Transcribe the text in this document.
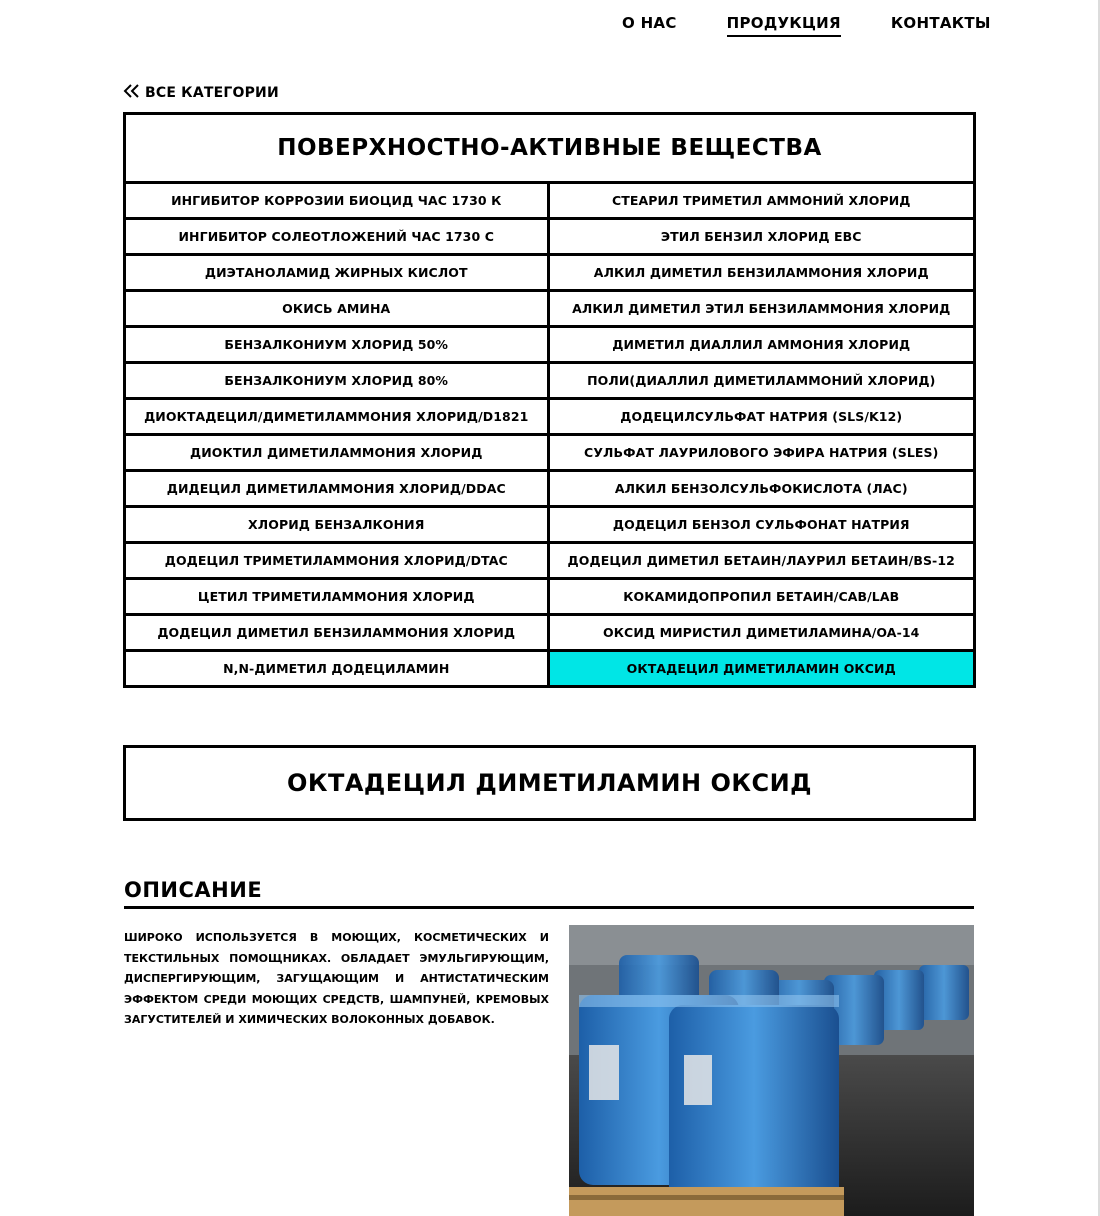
О НАС	ПРОДУКЦИЯ	КОНТАКТЫ
ВСЕ КАТЕГОРИИ
ПОВЕРХНОСТНО-АКТИВНЫЕ ВЕЩЕСТВА
ИНГИБИТОР КОРРОЗИИ БИОЦИД ЧАС 1730 К	СТЕАРИЛ ТРИМЕТИЛ АММОНИЙ ХЛОРИД
ИНГИБИТОР СОЛЕОТЛОЖЕНИЙ ЧАС 1730 С	ЭТИЛ БЕНЗИЛ ХЛОРИД EBC
ДИЭТАНОЛАМИД ЖИРНЫХ КИСЛОТ	АЛКИЛ ДИМЕТИЛ БЕНЗИЛАММОНИЯ ХЛОРИД
ОКИСЬ АМИНА	АЛКИЛ ДИМЕТИЛ ЭТИЛ БЕНЗИЛАММОНИЯ ХЛОРИД
БЕНЗАЛКОНИУМ ХЛОРИД 50%	ДИМЕТИЛ ДИАЛЛИЛ АММОНИЯ ХЛОРИД
БЕНЗАЛКОНИУМ ХЛОРИД 80%	ПОЛИ(ДИАЛЛИЛ ДИМЕТИЛАММОНИЙ ХЛОРИД)
ДИОКТАДЕЦИЛ/ДИМЕТИЛАММОНИЯ ХЛОРИД/D1821	ДОДЕЦИЛСУЛЬФАТ НАТРИЯ (SLS/K12)
ДИОКТИЛ ДИМЕТИЛАММОНИЯ ХЛОРИД	СУЛЬФАТ ЛАУРИЛОВОГО ЭФИРА НАТРИЯ (SLES)
ДИДЕЦИЛ ДИМЕТИЛАММОНИЯ ХЛОРИД/DDAC	АЛКИЛ БЕНЗОЛСУЛЬФОКИСЛОТА (ЛАС)
ХЛОРИД БЕНЗАЛКОНИЯ	ДОДЕЦИЛ БЕНЗОЛ СУЛЬФОНАТ НАТРИЯ
ДОДЕЦИЛ ТРИМЕТИЛАММОНИЯ ХЛОРИД/DTAC	ДОДЕЦИЛ ДИМЕТИЛ БЕТАИН/ЛАУРИЛ БЕТАИН/BS-12
ЦЕТИЛ ТРИМЕТИЛАММОНИЯ ХЛОРИД	КОКАМИДОПРОПИЛ БЕТАИН/CAB/LAB
ДОДЕЦИЛ ДИМЕТИЛ БЕНЗИЛАММОНИЯ ХЛОРИД	ОКСИД МИРИСТИЛ ДИМЕТИЛАМИНА/OA-14
N,N-ДИМЕТИЛ ДОДЕЦИЛАМИН	ОКТАДЕЦИЛ ДИМЕТИЛАМИН ОКСИД
ОКТАДЕЦИЛ ДИМЕТИЛАМИН ОКСИД
ОПИСАНИЕ
ШИРОКО ИСПОЛЬЗУЕТСЯ В МОЮЩИХ, КОСМЕТИЧЕСКИХ И ТЕКСТИЛЬНЫХ ПОМОЩНИКАХ. ОБЛАДАЕТ ЭМУЛЬГИРУЮЩИМ, ДИСПЕРГИРУЮЩИМ, ЗАГУЩАЮЩИМ И АНТИСТАТИЧЕСКИМ ЭФФЕКТОМ СРЕДИ МОЮЩИХ СРЕДСТВ, ШАМПУНЕЙ, КРЕМОВЫХ ЗАГУСТИТЕЛЕЙ И ХИМИЧЕСКИХ ВОЛОКОННЫХ ДОБАВОК.
